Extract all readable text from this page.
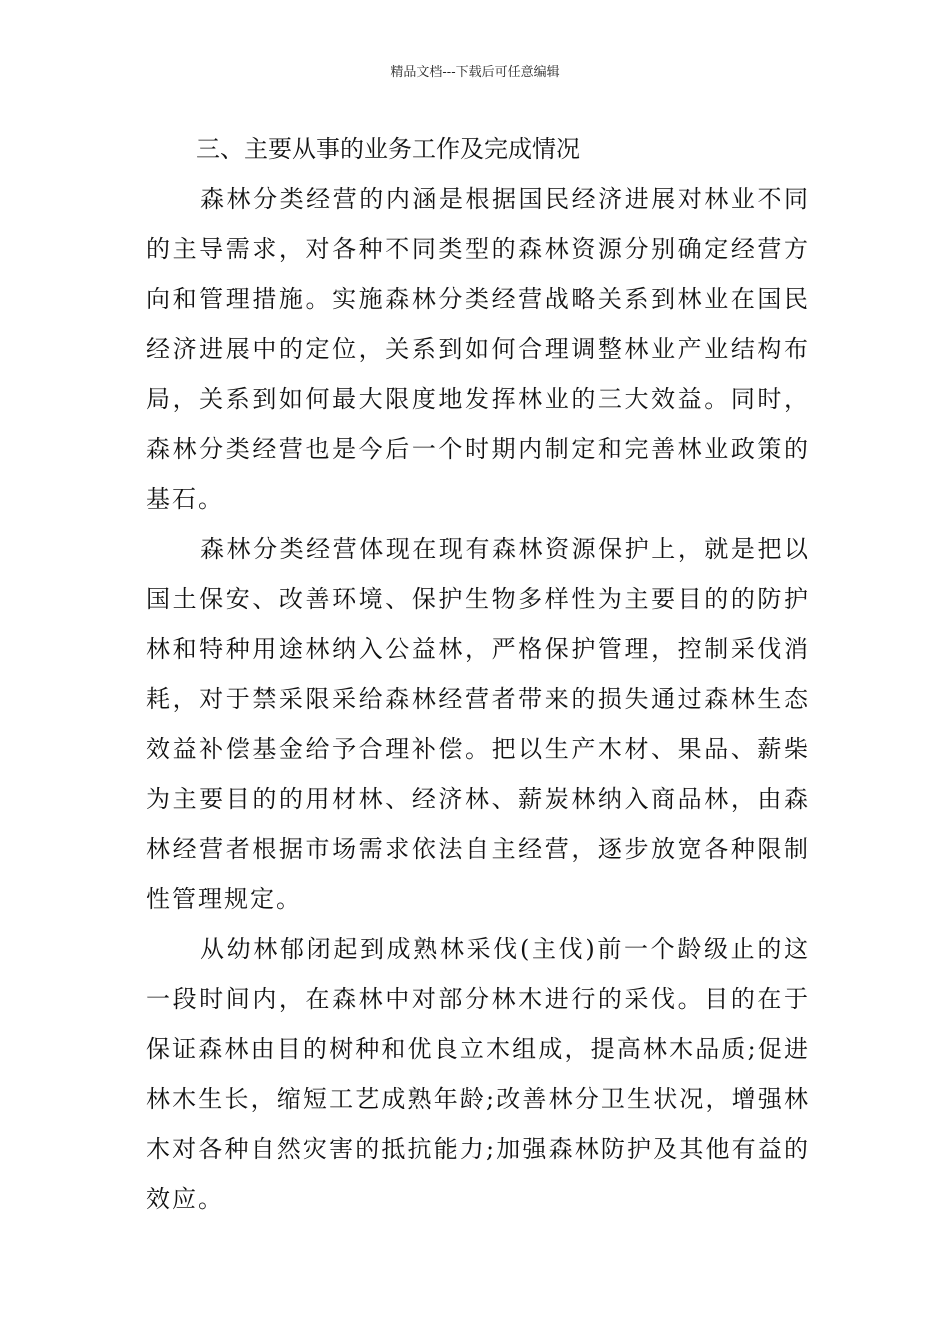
精品文档---下载后可任意编辑

三、主要从事的业务工作及完成情况

森林分类经营的内涵是根据国民经济进展对林业不同的主导需求，对各种不同类型的森林资源分别确定经营方向和管理措施。实施森林分类经营战略关系到林业在国民经济进展中的定位，关系到如何合理调整林业产业结构布局，关系到如何最大限度地发挥林业的三大效益。同时，森林分类经营也是今后一个时期内制定和完善林业政策的基石。

森林分类经营体现在现有森林资源保护上，就是把以国土保安、改善环境、保护生物多样性为主要目的的防护林和特种用途林纳入公益林，严格保护管理，控制采伐消耗，对于禁采限采给森林经营者带来的损失通过森林生态效益补偿基金给予合理补偿。把以生产木材、果品、薪柴为主要目的的用材林、经济林、薪炭林纳入商品林，由森林经营者根据市场需求依法自主经营，逐步放宽各种限制性管理规定。

从幼林郁闭起到成熟林采伐(主伐)前一个龄级止的这一段时间内，在森林中对部分林木进行的采伐。目的在于保证森林由目的树种和优良立木组成，提高林木品质;促进林木生长，缩短工艺成熟年龄;改善林分卫生状况，增强林木对各种自然灾害的抵抗能力;加强森林防护及其他有益的效应。
